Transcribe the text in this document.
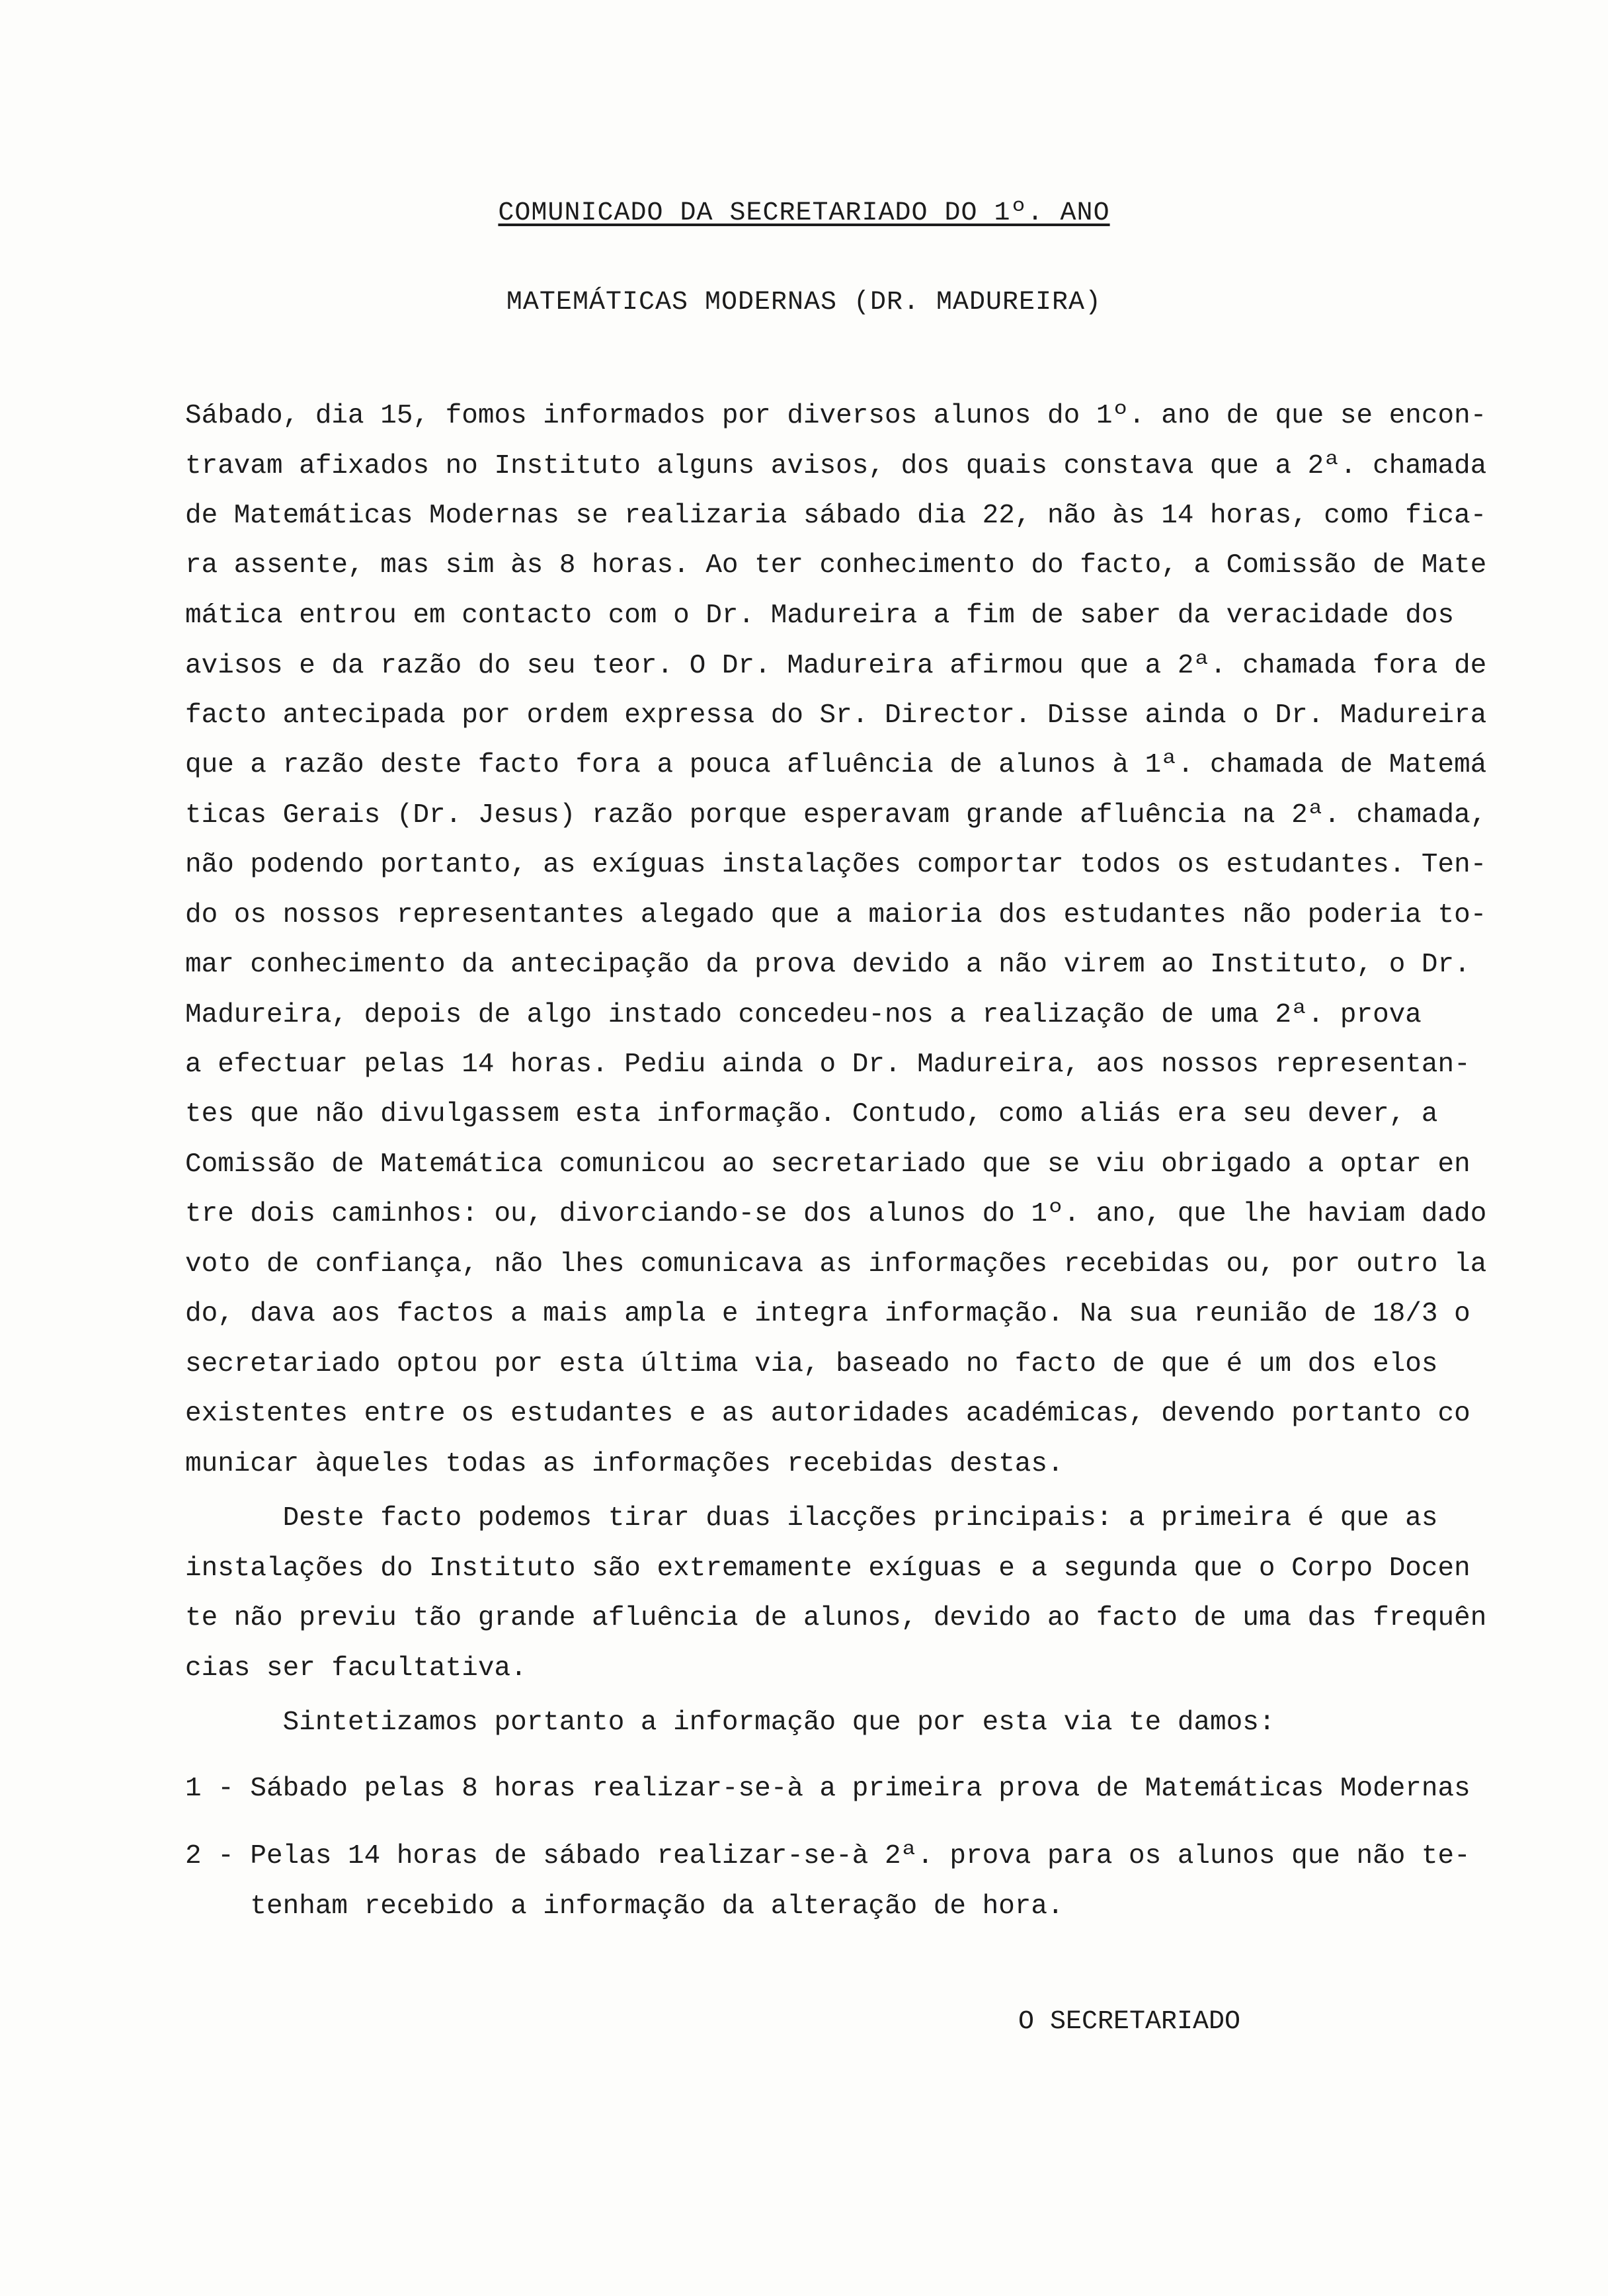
COMUNICADO DA SECRETARIADO DO 1º. ANO
MATEMÁTICAS MODERNAS (DR. MADUREIRA)
Sábado, dia 15, fomos informados por diversos alunos do 1º. ano de que se encon-
travam afixados no Instituto alguns avisos, dos quais constava que a 2ª. chamada
de Matemáticas Modernas se realizaria sábado dia 22, não às 14 horas, como fica-
ra assente, mas sim às 8 horas. Ao ter conhecimento do facto, a Comissão de Mate
mática entrou em contacto com o Dr. Madureira a fim de saber da veracidade dos
avisos e da razão do seu teor. O Dr. Madureira afirmou que a 2ª. chamada fora de
facto antecipada por ordem expressa do Sr. Director. Disse ainda o Dr. Madureira
que a razão deste facto fora a pouca afluência de alunos à 1ª. chamada de Matemá
ticas Gerais (Dr. Jesus) razão porque esperavam grande afluência na 2ª. chamada,
não podendo portanto, as exíguas instalações comportar todos os estudantes. Ten-
do os nossos representantes alegado que a maioria dos estudantes não poderia to-
mar conhecimento da antecipação da prova devido a não virem ao Instituto, o Dr.
Madureira, depois de algo instado concedeu-nos a realização de uma 2ª. prova
a efectuar pelas 14 horas. Pediu ainda o Dr. Madureira, aos nossos representan-
tes que não divulgassem esta informação. Contudo, como aliás era seu dever, a
Comissão de Matemática comunicou ao secretariado que se viu obrigado a optar en
tre dois caminhos: ou, divorciando-se dos alunos do 1º. ano, que lhe haviam dado
voto de confiança, não lhes comunicava as informações recebidas ou, por outro la
do, dava aos factos a mais ampla e integra informação. Na sua reunião de 18/3 o
secretariado optou por esta última via, baseado no facto de que é um dos elos
existentes entre os estudantes e as autoridades académicas, devendo portanto co
municar àqueles todas as informações recebidas destas.
Deste facto podemos tirar duas ilacções principais: a primeira é que as
instalações do Instituto são extremamente exíguas e a segunda que o Corpo Docen
te não previu tão grande afluência de alunos, devido ao facto de uma das frequên
cias ser facultativa.
Sintetizamos portanto a informação que por esta via te damos:
1 - Sábado pelas 8 horas realizar-se-à a primeira prova de Matemáticas Modernas
2 - Pelas 14 horas de sábado realizar-se-à 2ª. prova para os alunos que não te-
tenham recebido a informação da alteração de hora.
O SECRETARIADO
